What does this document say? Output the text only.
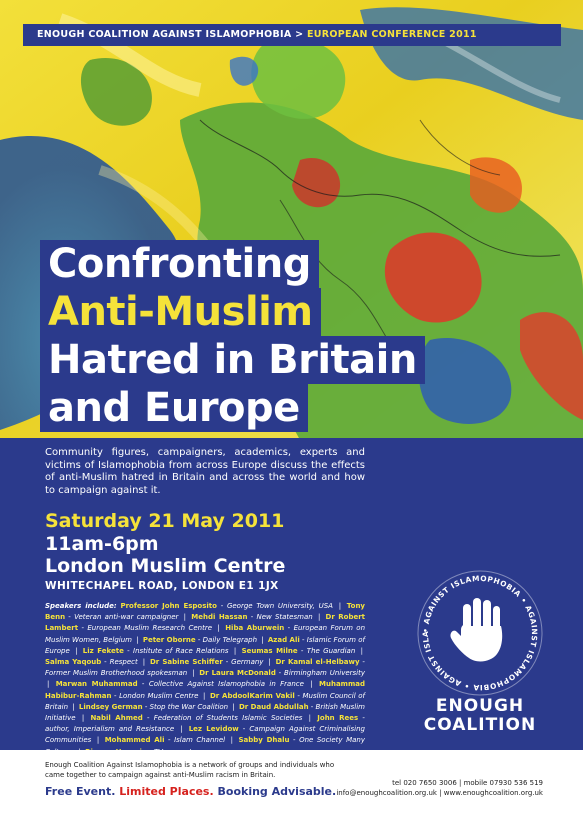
ENOUGH COALITION AGAINST ISLAMOPHOBIA > EUROPEAN CONFERENCE 2011
Confronting
Anti-Muslim
Hatred in Britain
and Europe

Community figures, campaigners, academics, experts and victims of Islamophobia from across Europe discuss the effects of anti-Muslim hatred in Britain and across the world and how to campaign against it.

Saturday 21 May 2011
11am-6pm
London Muslim Centre
WHITECHAPEL ROAD, LONDON E1 1JX
Speakers include: Professor John Esposito - George Town University, USA | Tony Benn - Veteran anti-war campaigner | Mehdi Hassan - New Statesman | Dr Robert Lambert - European Muslim Research Centre | Hiba Aburwein - European Forum on Muslim Women, Belgium | Peter Oborne - Daily Telegraph | Azad Ali - Islamic Forum of Europe | Liz Fekete - Institute of Race Relations | Seumas Milne - The Guardian | Salma Yaqoub - Respect | Dr Sabine Schiffer - Germany | Dr Kamal el-Helbawy - Former Muslim Brotherhood spokesman | Dr Laura McDonald - Birmingham University | Marwan Muhammad - Collective Against Islamophobia in France | Muhammad Habibur-Rahman - London Muslim Centre | Dr AbdoolKarim Vakil - Muslim Council of Britain | Lindsey German - Stop the War Coalition | Dr Daud Abdullah - British Muslim Initiative | Nabil Ahmed - Federation of Students Islamic Societies | John Rees - author, Imperialism and Resistance | Lez Levidow - Campaign Against Criminalising Communities | Mohammed Ali - Islam Channel | Sabby Dhalu - One Society Many
• AGAINST ISLAMOPHOBIA • AGAINST ISLAMOPHOBIA • AGAINST ISLA
ENOUGH
COALITION
Enough Coalition Against Islamophobia is a network of groups and individuals who came together to campaign against anti-Muslim racism in Britain.
Free Event. Limited Places. Booking Advisable.
tel 020 7650 3006 | mobile 07930 536 519
info@enoughcoalition.org.uk | www.enoughcoalition.org.uk
